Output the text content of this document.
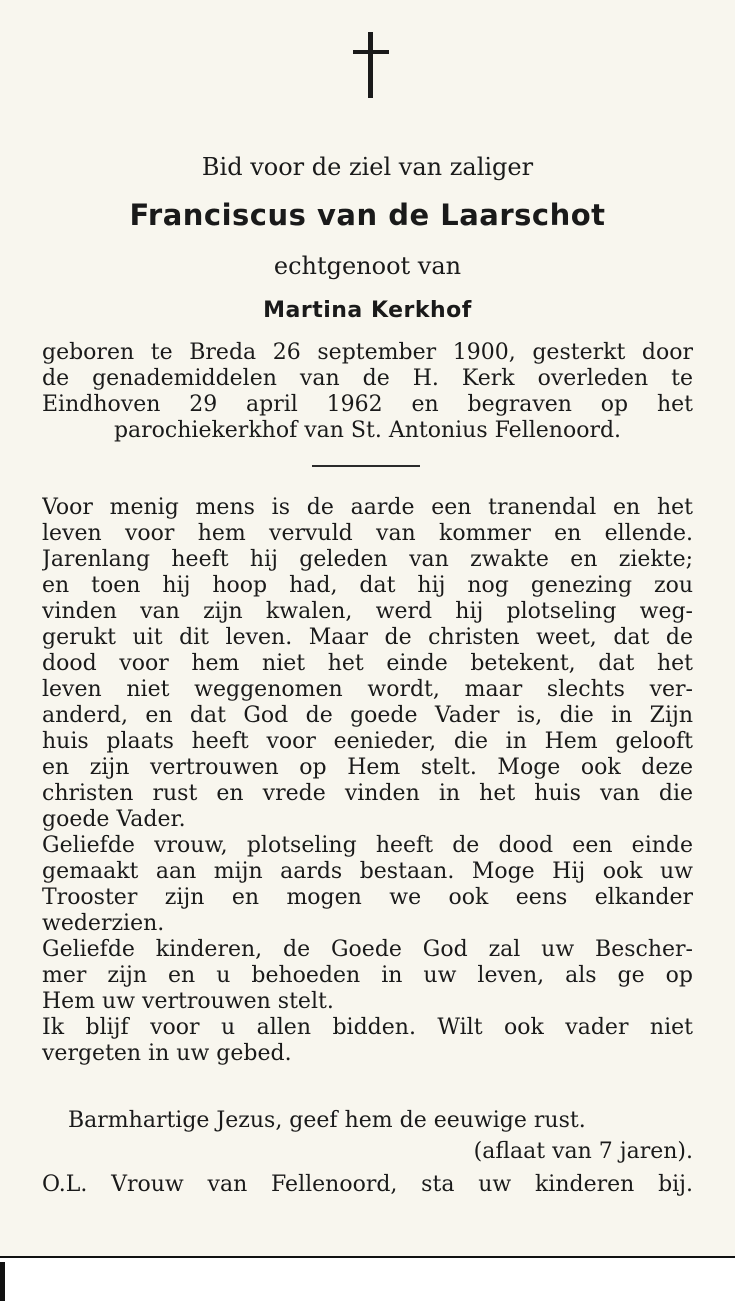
Bid voor de ziel van zaliger
Franciscus van de Laarschot
echtgenoot van
Martina Kerkhof
geboren te Breda 26 september 1900, gesterkt door
de genademiddelen van de H. Kerk overleden te
Eindhoven 29 april 1962 en begraven op het
parochiekerkhof van St. Antonius Fellenoord.
Voor menig mens is de aarde een tranendal en het
leven voor hem vervuld van kommer en ellende.
Jarenlang heeft hij geleden van zwakte en ziekte;
en toen hij hoop had, dat hij nog genezing zou
vinden van zijn kwalen, werd hij plotseling weg-
gerukt uit dit leven. Maar de christen weet, dat de
dood voor hem niet het einde betekent, dat het
leven niet weggenomen wordt, maar slechts ver-
anderd, en dat God de goede Vader is, die in Zijn
huis plaats heeft voor eenieder, die in Hem gelooft
en zijn vertrouwen op Hem stelt. Moge ook deze
christen rust en vrede vinden in het huis van die
goede Vader.
Geliefde vrouw, plotseling heeft de dood een einde
gemaakt aan mijn aards bestaan. Moge Hij ook uw
Trooster zijn en mogen we ook eens elkander
wederzien.
Geliefde kinderen, de Goede God zal uw Bescher-
mer zijn en u behoeden in uw leven, als ge op
Hem uw vertrouwen stelt.
Ik blijf voor u allen bidden. Wilt ook vader niet
vergeten in uw gebed.
Barmhartige Jezus, geef hem de eeuwige rust.
(aflaat van 7 jaren).
O.L. Vrouw van Fellenoord, sta uw kinderen bij.
